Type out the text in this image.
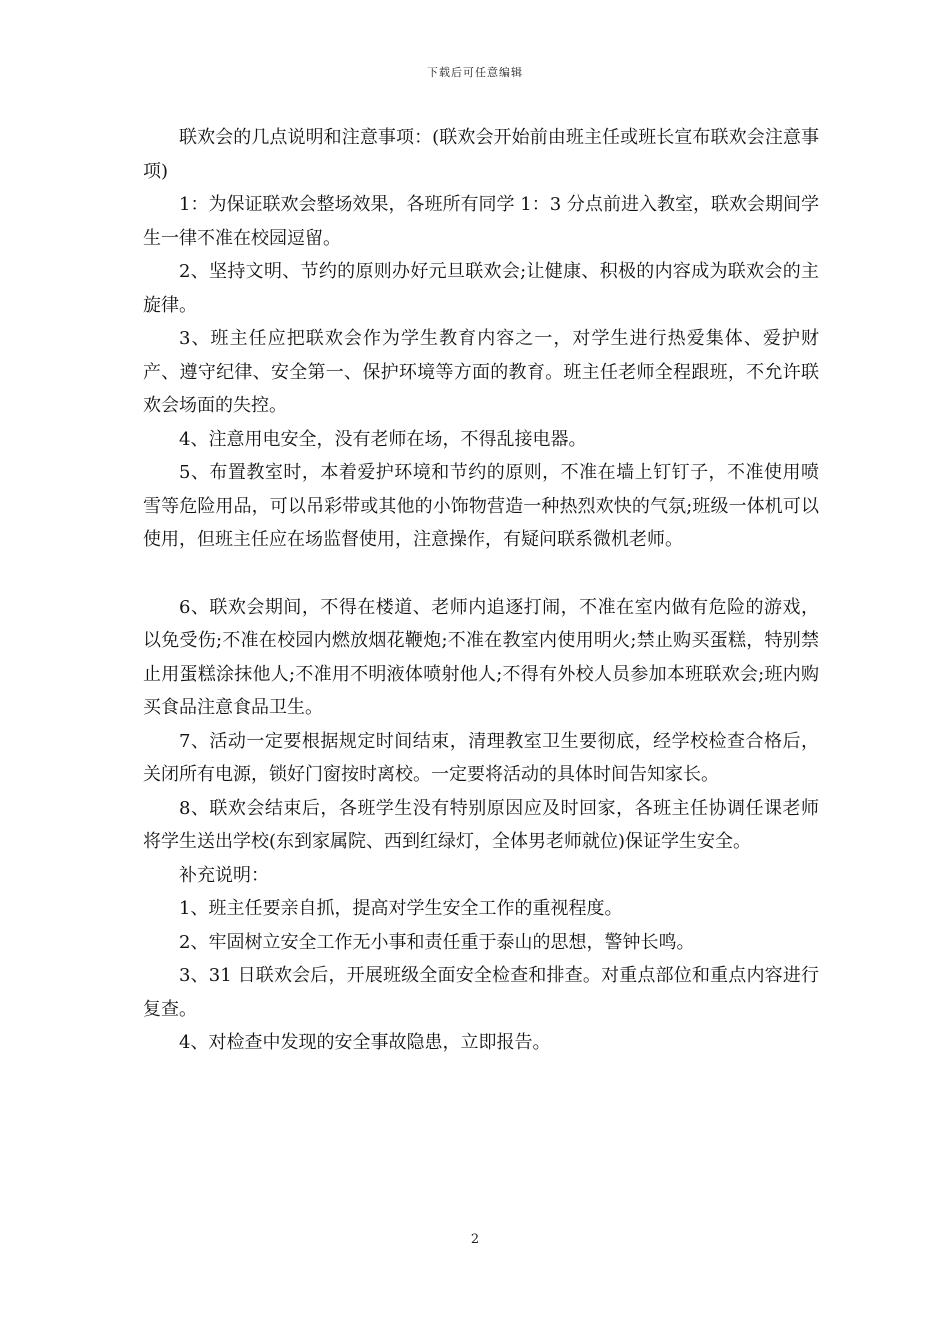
下载后可任意编辑

联欢会的几点说明和注意事项：(联欢会开始前由班主任或班长宣布联欢会注意事项)

1：为保证联欢会整场效果，各班所有同学 1：3 分点前进入教室，联欢会期间学生一律不准在校园逗留。

2、坚持文明、节约的原则办好元旦联欢会;让健康、积极的内容成为联欢会的主旋律。

3、班主任应把联欢会作为学生教育内容之一，对学生进行热爱集体、爱护财产、遵守纪律、安全第一、保护环境等方面的教育。班主任老师全程跟班，不允许联欢会场面的失控。

4、注意用电安全，没有老师在场，不得乱接电器。

5、布置教室时，本着爱护环境和节约的原则，不准在墙上钉钉子，不准使用喷雪等危险用品，可以吊彩带或其他的小饰物营造一种热烈欢快的气氛;班级一体机可以使用，但班主任应在场监督使用，注意操作，有疑问联系微机老师。

6、联欢会期间，不得在楼道、老师内追逐打闹，不准在室内做有危险的游戏，以免受伤;不准在校园内燃放烟花鞭炮;不准在教室内使用明火;禁止购买蛋糕，特别禁止用蛋糕涂抹他人;不准用不明液体喷射他人;不得有外校人员参加本班联欢会;班内购买食品注意食品卫生。

7、活动一定要根据规定时间结束，清理教室卫生要彻底，经学校检查合格后，关闭所有电源，锁好门窗按时离校。一定要将活动的具体时间告知家长。

8、联欢会结束后，各班学生没有特别原因应及时回家，各班主任协调任课老师将学生送出学校(东到家属院、西到红绿灯，全体男老师就位)保证学生安全。

补充说明：

1、班主任要亲自抓，提高对学生安全工作的重视程度。

2、牢固树立安全工作无小事和责任重于泰山的思想，警钟长鸣。

3、31 日联欢会后，开展班级全面安全检查和排查。对重点部位和重点内容进行复查。

4、对检查中发现的安全事故隐患，立即报告。

2
